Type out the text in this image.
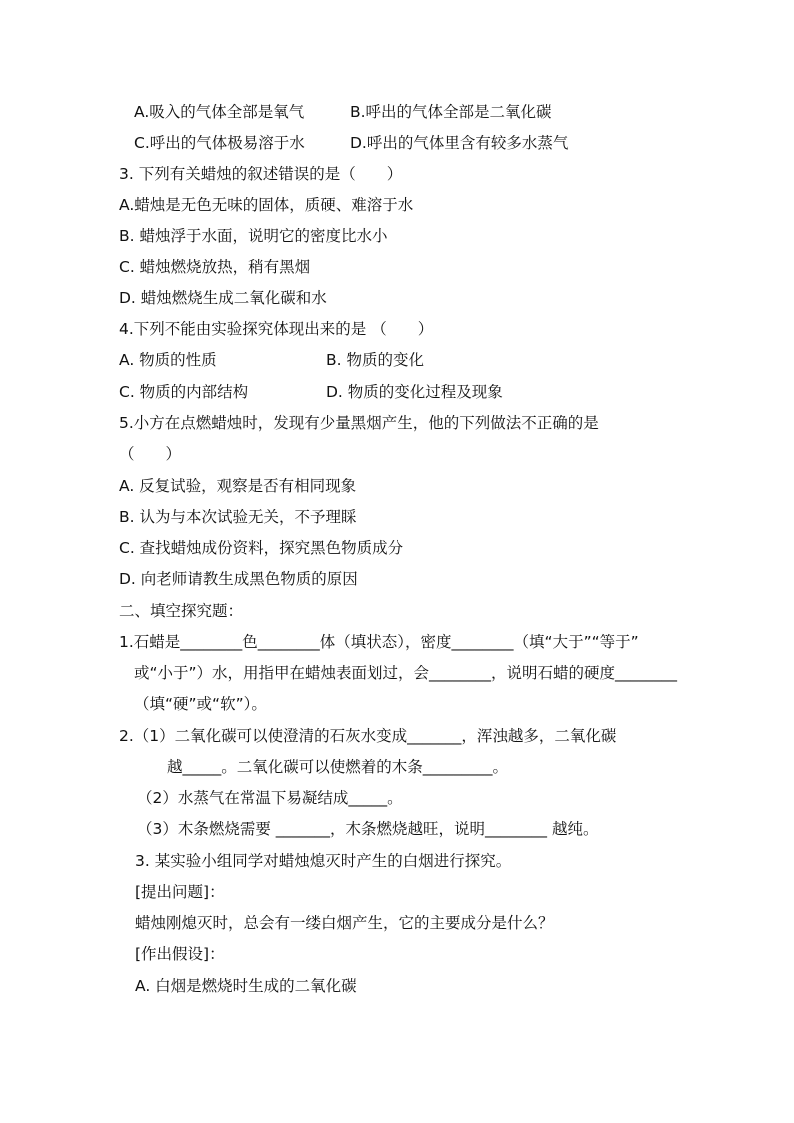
A.吸入的气体全部是氧气	B.呼出的气体全部是二氧化碳
C.呼出的气体极易溶于水	D.呼出的气体里含有较多水蒸气
3. 下列有关蜡烛的叙述错误的是（　　）
A.蜡烛是无色无味的固体，质硬、难溶于水
B. 蜡烛浮于水面，说明它的密度比水小
C. 蜡烛燃烧放热，稍有黑烟
D. 蜡烛燃烧生成二氧化碳和水
4.下列不能由实验探究体现出来的是 （　　）
A. 物质的性质	B. 物质的变化
C. 物质的内部结构	D. 物质的变化过程及现象
5.小方在点燃蜡烛时，发现有少量黑烟产生，他的下列做法不正确的是
（　　）
A. 反复试验，观察是否有相同现象
B. 认为与本次试验无关，不予理睬
C. 查找蜡烛成份资料，探究黑色物质成分
D. 向老师请教生成黑色物质的原因
二、填空探究题：
1.石蜡是________色________体（填状态），密度________（填“大于”“等于”
或“小于”）水，用指甲在蜡烛表面划过，会________，说明石蜡的硬度________
（填“硬”或“软”）。
2.（1）二氧化碳可以使澄清的石灰水变成_______，浑浊越多，二氧化碳
越_____。二氧化碳可以使燃着的木条_________。
（2）水蒸气在常温下易凝结成_____。
（3）木条燃烧需要 _______，木条燃烧越旺，说明________ 越纯。
3. 某实验小组同学对蜡烛熄灭时产生的白烟进行探究。
[提出问题]：
蜡烛刚熄灭时，总会有一缕白烟产生，它的主要成分是什么？
[作出假设]：
A. 白烟是燃烧时生成的二氧化碳
